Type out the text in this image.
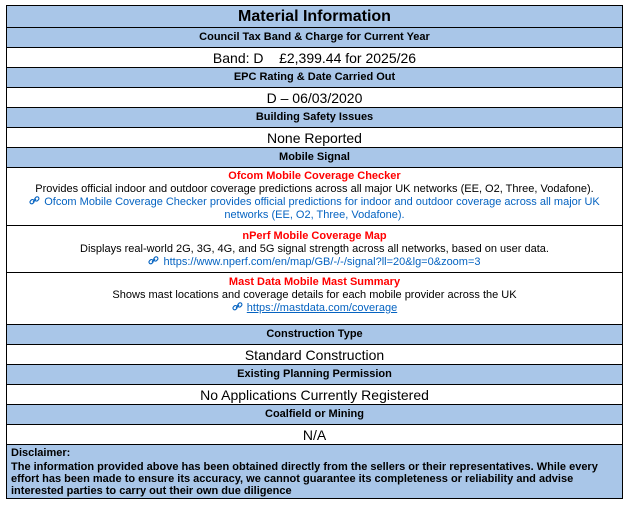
Material Information
Council Tax Band & Charge for Current Year
Band: D    £2,399.44 for 2025/26
EPC Rating & Date Carried Out
D – 06/03/2020
Building Safety Issues
None Reported
Mobile Signal
Ofcom Mobile Coverage Checker
Provides official indoor and outdoor coverage predictions across all major UK networks (EE, O2, Three, Vodafone).
Ofcom Mobile Coverage Checker provides official predictions for indoor and outdoor coverage across all major UK networks (EE, O2, Three, Vodafone).
nPerf Mobile Coverage Map
Displays real-world 2G, 3G, 4G, and 5G signal strength across all networks, based on user data.
https://www.nperf.com/en/map/GB/-/-/signal?ll=20&lg=0&zoom=3
Mast Data Mobile Mast Summary
Shows mast locations and coverage details for each mobile provider across the UK
https://mastdata.com/coverage
Construction Type
Standard Construction
Existing Planning Permission
No Applications Currently Registered
Coalfield or Mining
N/A
Disclaimer:
The information provided above has been obtained directly from the sellers or their representatives. While every effort has been made to ensure its accuracy, we cannot guarantee its completeness or reliability and advise interested parties to carry out their own due diligence
